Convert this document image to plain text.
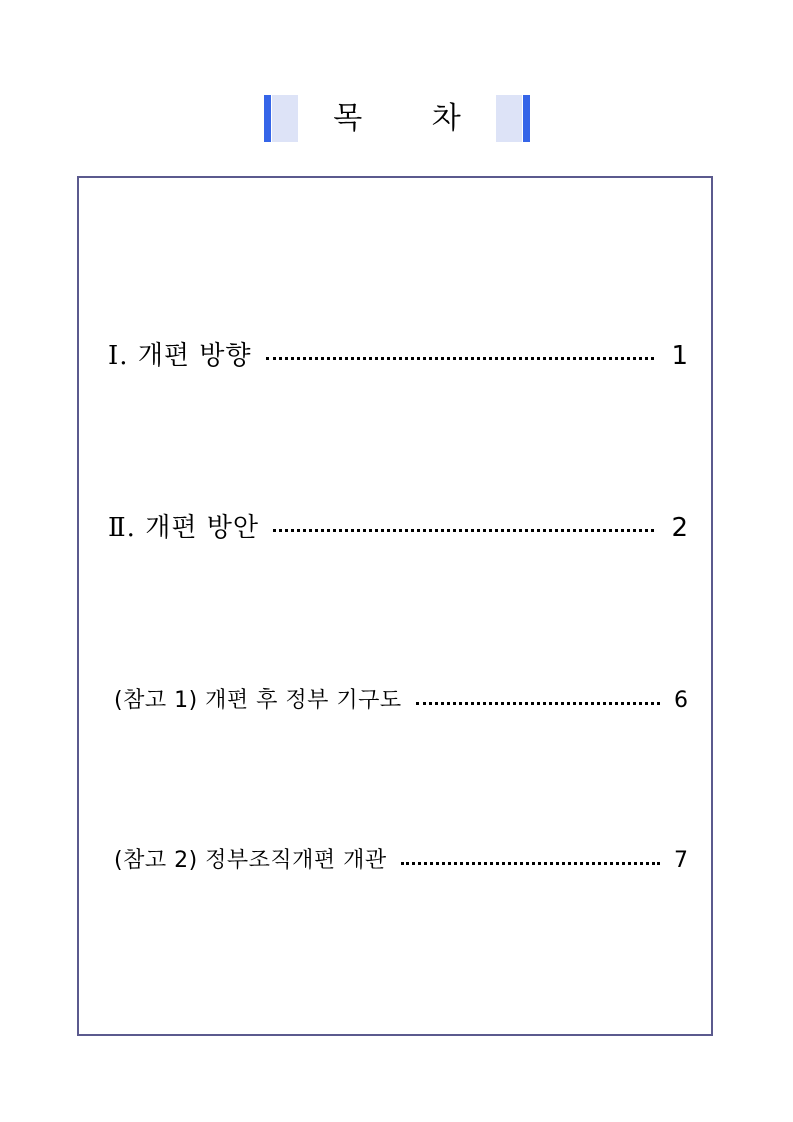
목 차
Ⅰ. 개편 방향	1
Ⅱ. 개편 방안	2
(참고 1) 개편 후 정부 기구도	6
(참고 2) 정부조직개편 개관	7
